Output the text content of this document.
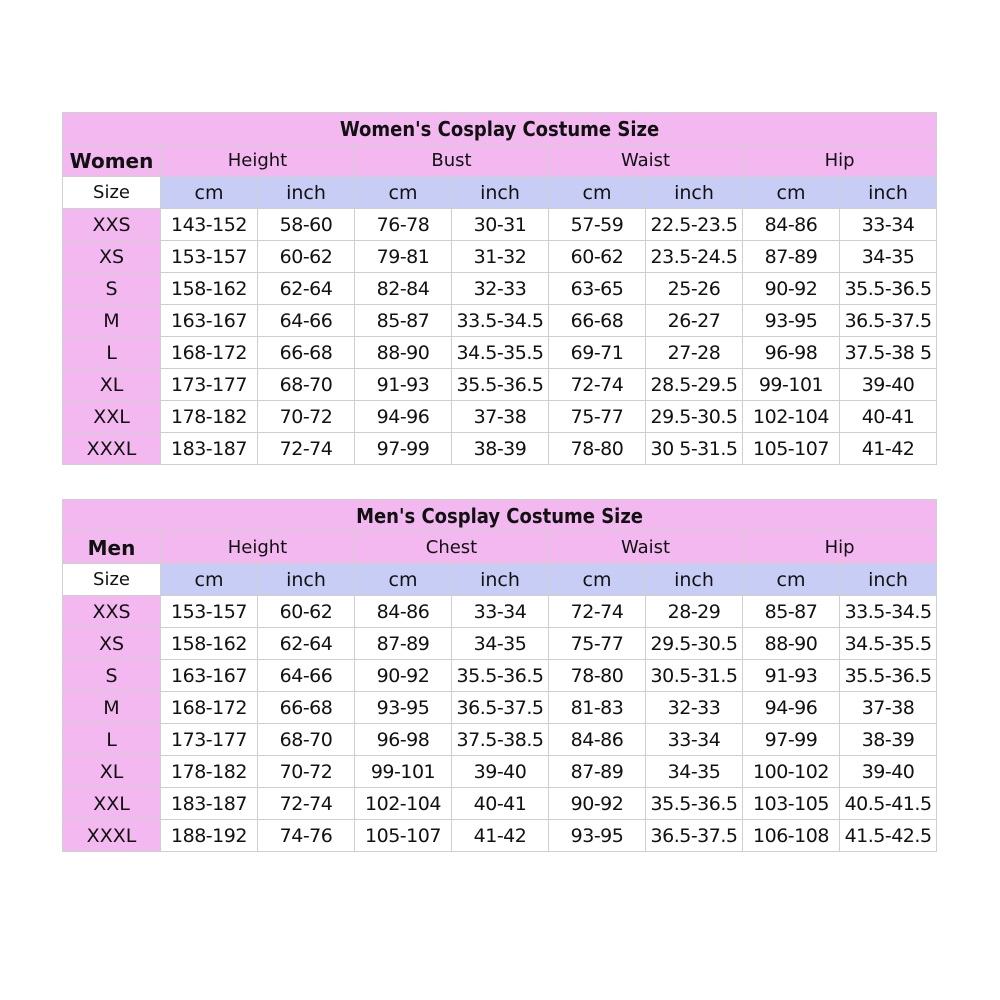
Women's Cosplay Costume Size								
Women	Height		Bust		Waist		Hip	
Size	cm	inch	cm	inch	cm	inch	cm	inch
XXS	143-152	58-60	76-78	30-31	57-59	22.5-23.5	84-86	33-34
XS	153-157	60-62	79-81	31-32	60-62	23.5-24.5	87-89	34-35
S	158-162	62-64	82-84	32-33	63-65	25-26	90-92	35.5-36.5
M	163-167	64-66	85-87	33.5-34.5	66-68	26-27	93-95	36.5-37.5
L	168-172	66-68	88-90	34.5-35.5	69-71	27-28	96-98	37.5-38 5
XL	173-177	68-70	91-93	35.5-36.5	72-74	28.5-29.5	99-101	39-40
XXL	178-182	70-72	94-96	37-38	75-77	29.5-30.5	102-104	40-41
XXXL	183-187	72-74	97-99	38-39	78-80	30 5-31.5	105-107	41-42
Men's Cosplay Costume Size								
Men	Height		Chest		Waist		Hip	
Size	cm	inch	cm	inch	cm	inch	cm	inch
XXS	153-157	60-62	84-86	33-34	72-74	28-29	85-87	33.5-34.5
XS	158-162	62-64	87-89	34-35	75-77	29.5-30.5	88-90	34.5-35.5
S	163-167	64-66	90-92	35.5-36.5	78-80	30.5-31.5	91-93	35.5-36.5
M	168-172	66-68	93-95	36.5-37.5	81-83	32-33	94-96	37-38
L	173-177	68-70	96-98	37.5-38.5	84-86	33-34	97-99	38-39
XL	178-182	70-72	99-101	39-40	87-89	34-35	100-102	39-40
XXL	183-187	72-74	102-104	40-41	90-92	35.5-36.5	103-105	40.5-41.5
XXXL	188-192	74-76	105-107	41-42	93-95	36.5-37.5	106-108	41.5-42.5
